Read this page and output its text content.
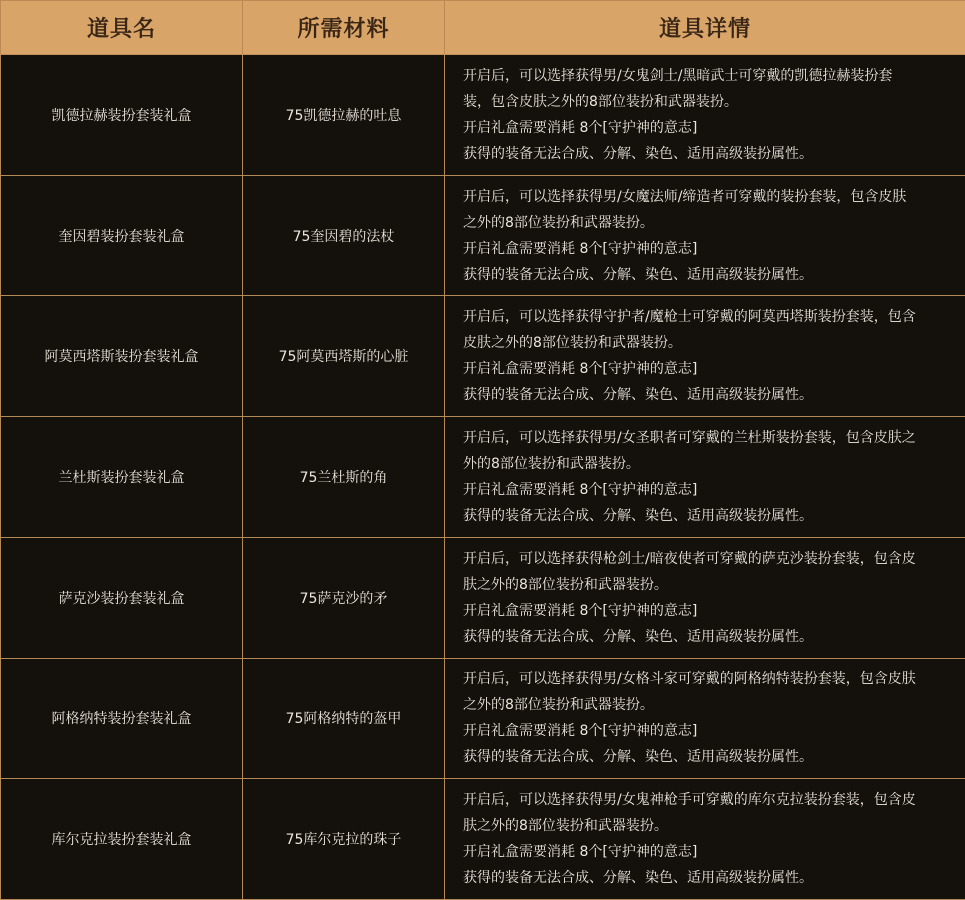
道具名	所需材料	道具详情
凯德拉赫装扮套装礼盒	75凯德拉赫的吐息	开启后，可以选择获得男/女鬼剑士/黑暗武士可穿戴的凯德拉赫装扮套
装，包含皮肤之外的8部位装扮和武器装扮。
开启礼盒需要消耗 8个[守护神的意志]
获得的装备无法合成、分解、染色、适用高级装扮属性。

奎因碧装扮套装礼盒	75奎因碧的法杖	开启后，可以选择获得男/女魔法师/缔造者可穿戴的装扮套装，包含皮肤
之外的8部位装扮和武器装扮。
开启礼盒需要消耗 8个[守护神的意志]
获得的装备无法合成、分解、染色、适用高级装扮属性。

阿莫西塔斯装扮套装礼盒	75阿莫西塔斯的心脏	开启后，可以选择获得守护者/魔枪士可穿戴的阿莫西塔斯装扮套装，包含
皮肤之外的8部位装扮和武器装扮。
开启礼盒需要消耗 8个[守护神的意志]
获得的装备无法合成、分解、染色、适用高级装扮属性。

兰杜斯装扮套装礼盒	75兰杜斯的角	开启后，可以选择获得男/女圣职者可穿戴的兰杜斯装扮套装，包含皮肤之
外的8部位装扮和武器装扮。
开启礼盒需要消耗 8个[守护神的意志]
获得的装备无法合成、分解、染色、适用高级装扮属性。

萨克沙装扮套装礼盒	75萨克沙的矛	开启后，可以选择获得枪剑士/暗夜使者可穿戴的萨克沙装扮套装，包含皮
肤之外的8部位装扮和武器装扮。
开启礼盒需要消耗 8个[守护神的意志]
获得的装备无法合成、分解、染色、适用高级装扮属性。

阿格纳特装扮套装礼盒	75阿格纳特的盔甲	开启后，可以选择获得男/女格斗家可穿戴的阿格纳特装扮套装，包含皮肤
之外的8部位装扮和武器装扮。
开启礼盒需要消耗 8个[守护神的意志]
获得的装备无法合成、分解、染色、适用高级装扮属性。

库尔克拉装扮套装礼盒	75库尔克拉的珠子	开启后，可以选择获得男/女鬼神枪手可穿戴的库尔克拉装扮套装，包含皮
肤之外的8部位装扮和武器装扮。
开启礼盒需要消耗 8个[守护神的意志]
获得的装备无法合成、分解、染色、适用高级装扮属性。
